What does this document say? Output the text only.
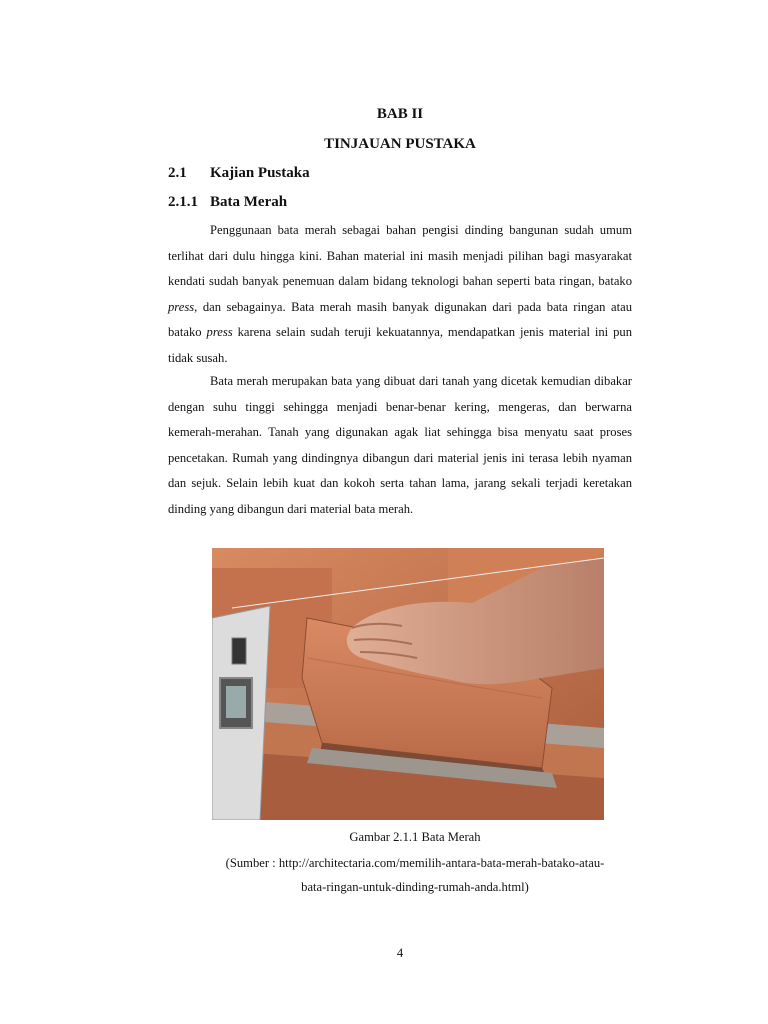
BAB II
TINJAUAN PUSTAKA
2.1 Kajian Pustaka
2.1.1 Bata Merah

Penggunaan bata merah sebagai bahan pengisi dinding bangunan sudah umum terlihat dari dulu hingga kini. Bahan material ini masih menjadi pilihan bagi masyarakat kendati sudah banyak penemuan dalam bidang teknologi bahan seperti bata ringan, batako press, dan sebagainya. Bata merah masih banyak digunakan dari pada bata ringan atau batako press karena selain sudah teruji kekuatannya, mendapatkan jenis material ini pun tidak susah.

Bata merah merupakan bata yang dibuat dari tanah yang dicetak kemudian dibakar dengan suhu tinggi sehingga menjadi benar-benar kering, mengeras, dan berwarna kemerah-merahan. Tanah yang digunakan agak liat sehingga bisa menyatu saat proses pencetakan. Rumah yang dindingnya dibangun dari material jenis ini terasa lebih nyaman dan sejuk. Selain lebih kuat dan kokoh serta tahan lama, jarang sekali terjadi keretakan dinding yang dibangun dari material bata merah.

Gambar 2.1.1 Bata Merah
(Sumber : http://architectaria.com/memilih-antara-bata-merah-batako-atau-
bata-ringan-untuk-dinding-rumah-anda.html)
4
